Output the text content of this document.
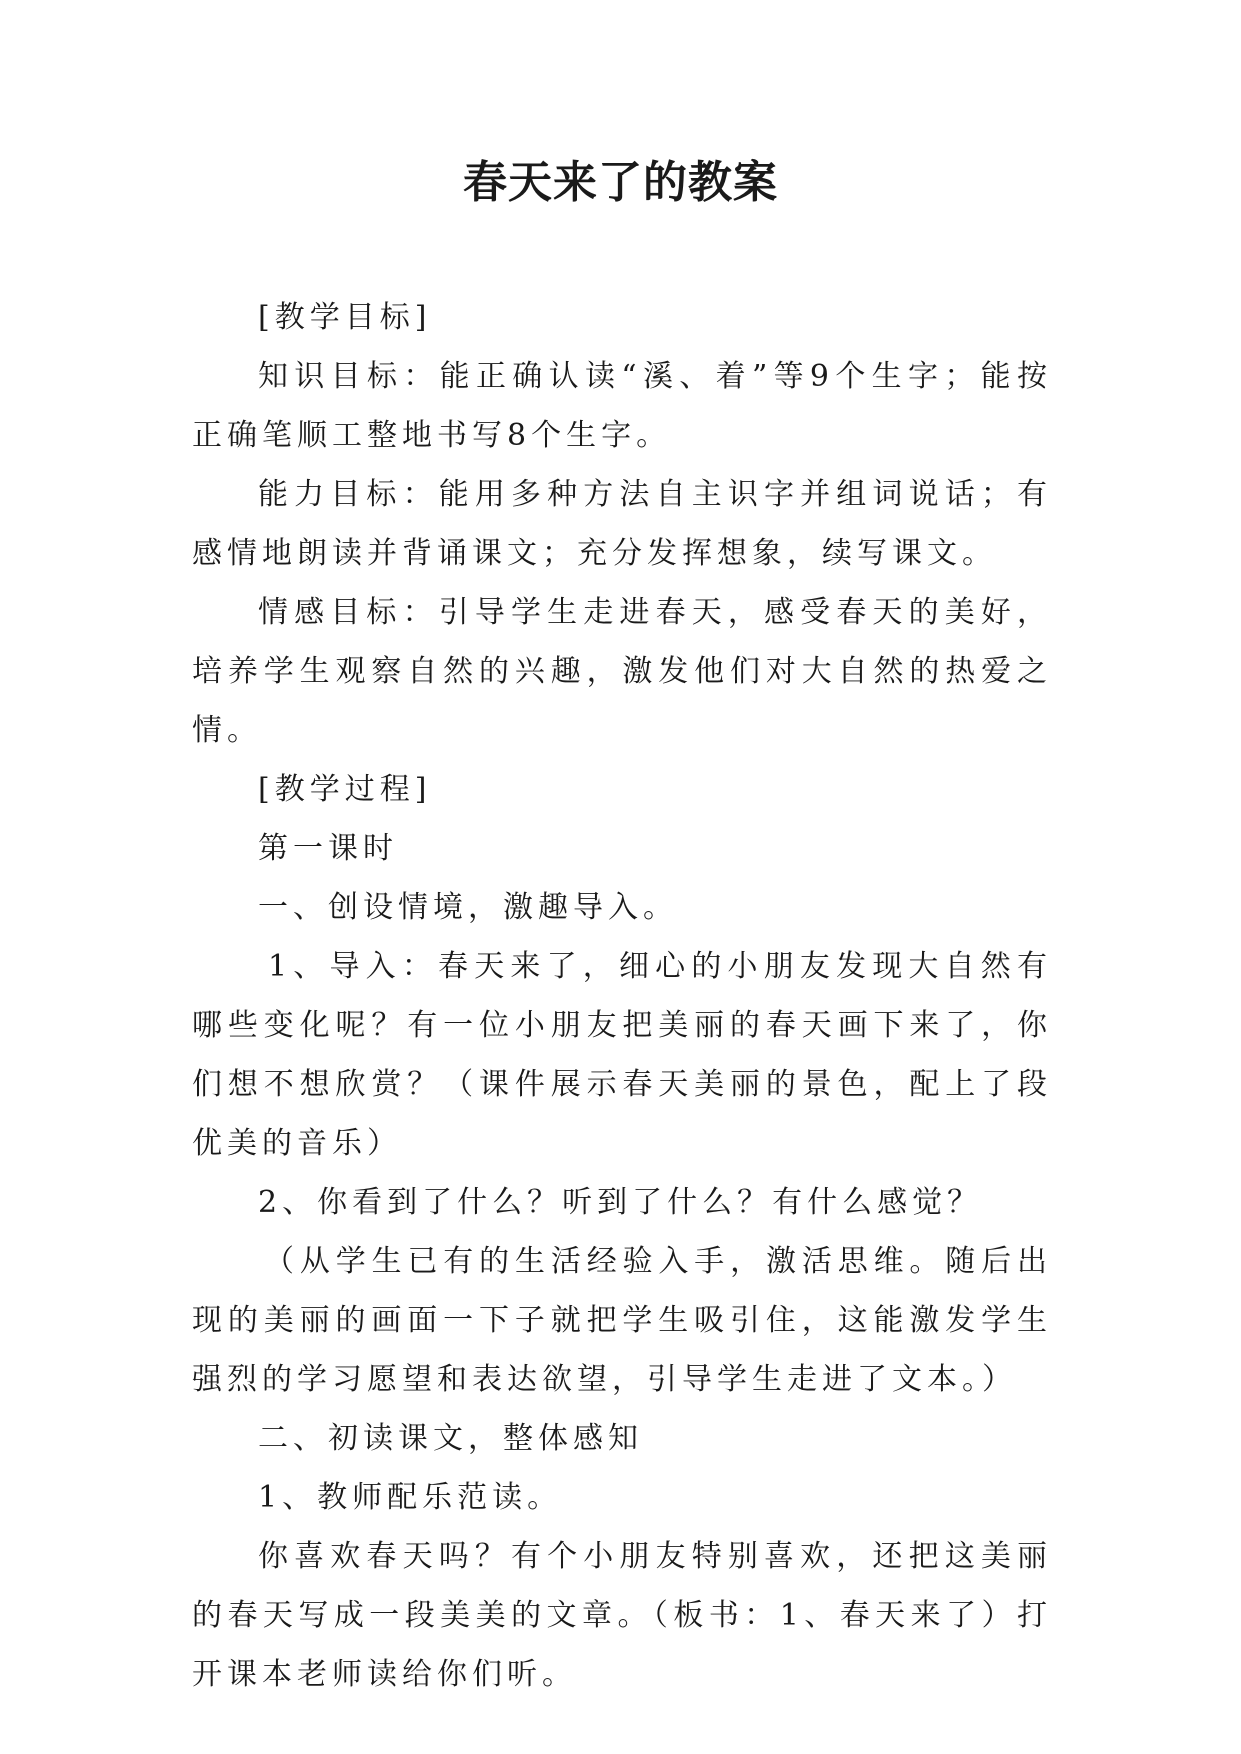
春天来了的教案

[教学目标]

知识目标：能正确认读“溪、着”等9个生字；能按正确笔顺工整地书写8个生字。

能力目标：能用多种方法自主识字并组词说话；有感情地朗读并背诵课文；充分发挥想象，续写课文。

情感目标：引导学生走进春天，感受春天的美好，培养学生观察自然的兴趣，激发他们对大自然的热爱之情。

[教学过程]

第一课时

一、创设情境，激趣导入。

1、导入：春天来了，细心的小朋友发现大自然有哪些变化呢？有一位小朋友把美丽的春天画下来了，你们想不想欣赏？（课件展示春天美丽的景色，配上了段优美的音乐）

2、你看到了什么？听到了什么？有什么感觉？

（从学生已有的生活经验入手，激活思维。随后出现的美丽的画面一下子就把学生吸引住，这能激发学生强烈的学习愿望和表达欲望，引导学生走进了文本。）

二、初读课文，整体感知

1、教师配乐范读。

你喜欢春天吗？有个小朋友特别喜欢，还把这美丽的春天写成一段美美的文章。（板书：1、春天来了）打开课本老师读给你们听。
